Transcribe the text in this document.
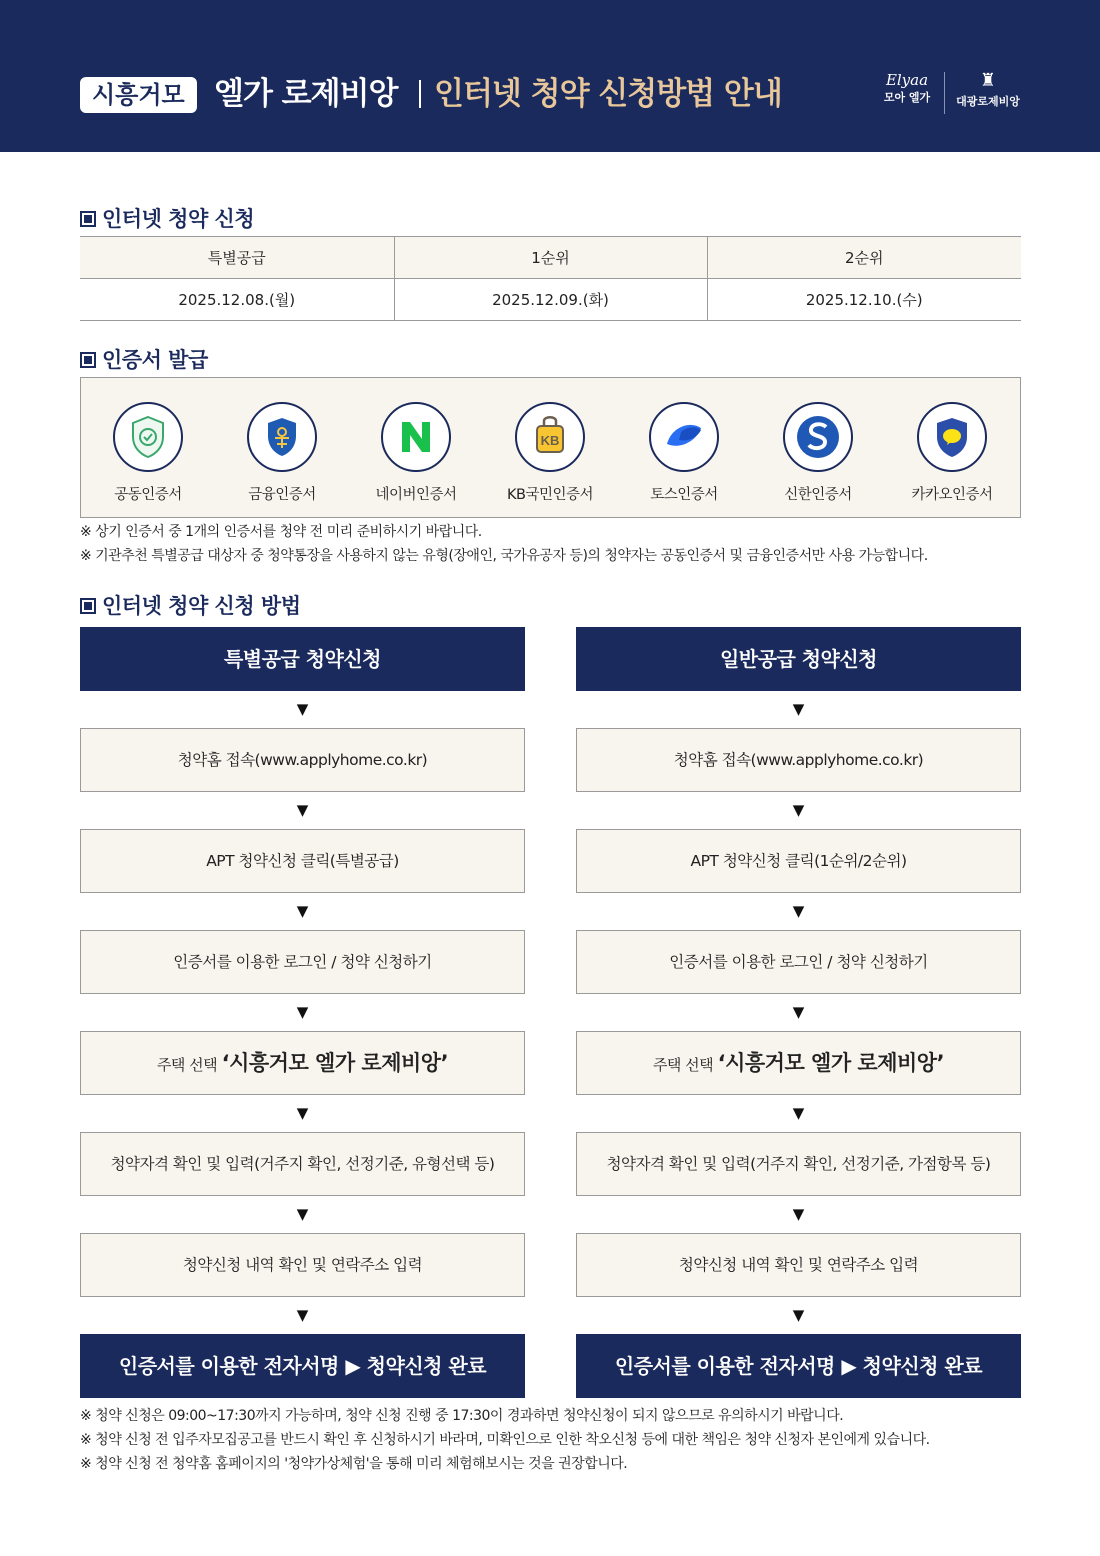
시흥거모 엘가 로제비앙 인터넷 청약 신청방법 안내	Elyaa
모아 엘가
♜
대광로제비앙
인터넷 청약 신청
특별공급	1순위	2순위
2025.12.08.(월)	2025.12.09.(화)	2025.12.10.(수)
인증서 발급
공동인증서	금융인증서	네이버인증서
KB
KB국민인증서	토스인증서	신한인증서	카카오인증서
※ 상기 인증서 중 1개의 인증서를 청약 전 미리 준비하시기 바랍니다.
※ 기관추천 특별공급 대상자 중 청약통장을 사용하지 않는 유형(장애인, 국가유공자 등)의 청약자는 공동인증서 및 금융인증서만 사용 가능합니다.
인터넷 청약 신청 방법
특별공급 청약신청
▼
청약홈 접속(www.applyhome.co.kr)
▼
APT 청약신청 클릭(특별공급)
▼
인증서를 이용한 로그인 / 청약 신청하기
▼
주택 선택 ‘시흥거모 엘가 로제비앙’
▼
청약자격 확인 및 입력(거주지 확인, 선정기준, 유형선택 등)
▼
청약신청 내역 확인 및 연락주소 입력
▼
인증서를 이용한 전자서명 ▶ 청약신청 완료
일반공급 청약신청
▼
청약홈 접속(www.applyhome.co.kr)
▼
APT 청약신청 클릭(1순위/2순위)
▼
인증서를 이용한 로그인 / 청약 신청하기
▼
주택 선택 ‘시흥거모 엘가 로제비앙’
▼
청약자격 확인 및 입력(거주지 확인, 선정기준, 가점항목 등)
▼
청약신청 내역 확인 및 연락주소 입력
▼
인증서를 이용한 전자서명 ▶ 청약신청 완료
※ 청약 신청은 09:00~17:30까지 가능하며, 청약 신청 진행 중 17:30이 경과하면 청약신청이 되지 않으므로 유의하시기 바랍니다.
※ 청약 신청 전 입주자모집공고를 반드시 확인 후 신청하시기 바라며, 미확인으로 인한 착오신청 등에 대한 책임은 청약 신청자 본인에게 있습니다.
※ 청약 신청 전 청약홈 홈페이지의 '청약가상체험'을 통해 미리 체험해보시는 것을 권장합니다.
